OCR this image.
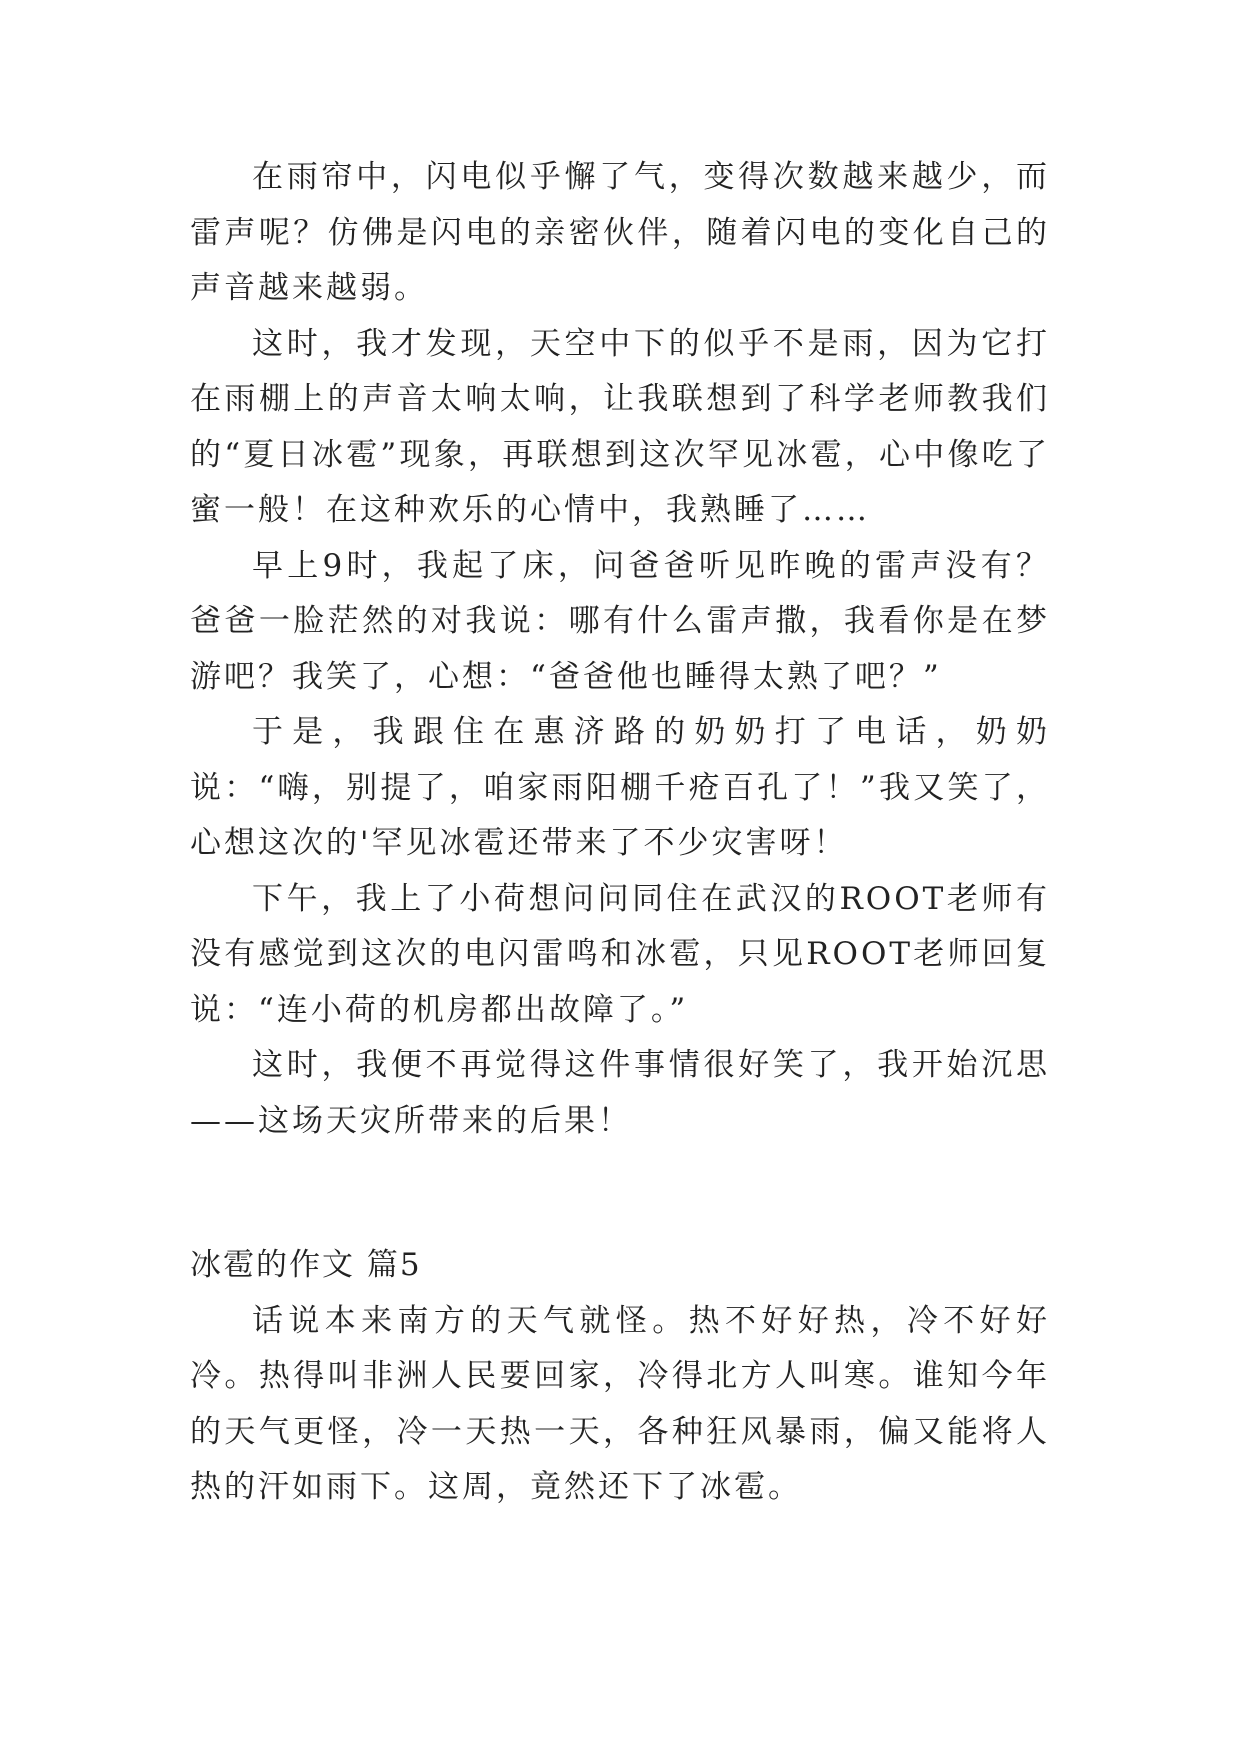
在雨帘中，闪电似乎懈了气，变得次数越来越少，而雷声呢？仿佛是闪电的亲密伙伴，随着闪电的变化自己的声音越来越弱。

这时，我才发现，天空中下的似乎不是雨，因为它打在雨棚上的声音太响太响，让我联想到了科学老师教我们的“夏日冰雹”现象，再联想到这次罕见冰雹，心中像吃了蜜一般！在这种欢乐的心情中，我熟睡了……

早上9时，我起了床，问爸爸听见昨晚的雷声没有？爸爸一脸茫然的对我说：哪有什么雷声撒，我看你是在梦游吧？我笑了，心想：“爸爸他也睡得太熟了吧？”

于是，我跟住在惠济路的奶奶打了电话，奶奶说：“嗨，别提了，咱家雨阳棚千疮百孔了！”我又笑了，心想这次的'罕见冰雹还带来了不少灾害呀！

下午，我上了小荷想问问同住在武汉的ROOT老师有没有感觉到这次的电闪雷鸣和冰雹，只见ROOT老师回复说：“连小荷的机房都出故障了。”

这时，我便不再觉得这件事情很好笑了，我开始沉思——这场天灾所带来的后果！

冰雹的作文 篇5

话说本来南方的天气就怪。热不好好热，冷不好好冷。热得叫非洲人民要回家，冷得北方人叫寒。谁知今年的天气更怪，冷一天热一天，各种狂风暴雨，偏又能将人热的汗如雨下。这周，竟然还下了冰雹。
